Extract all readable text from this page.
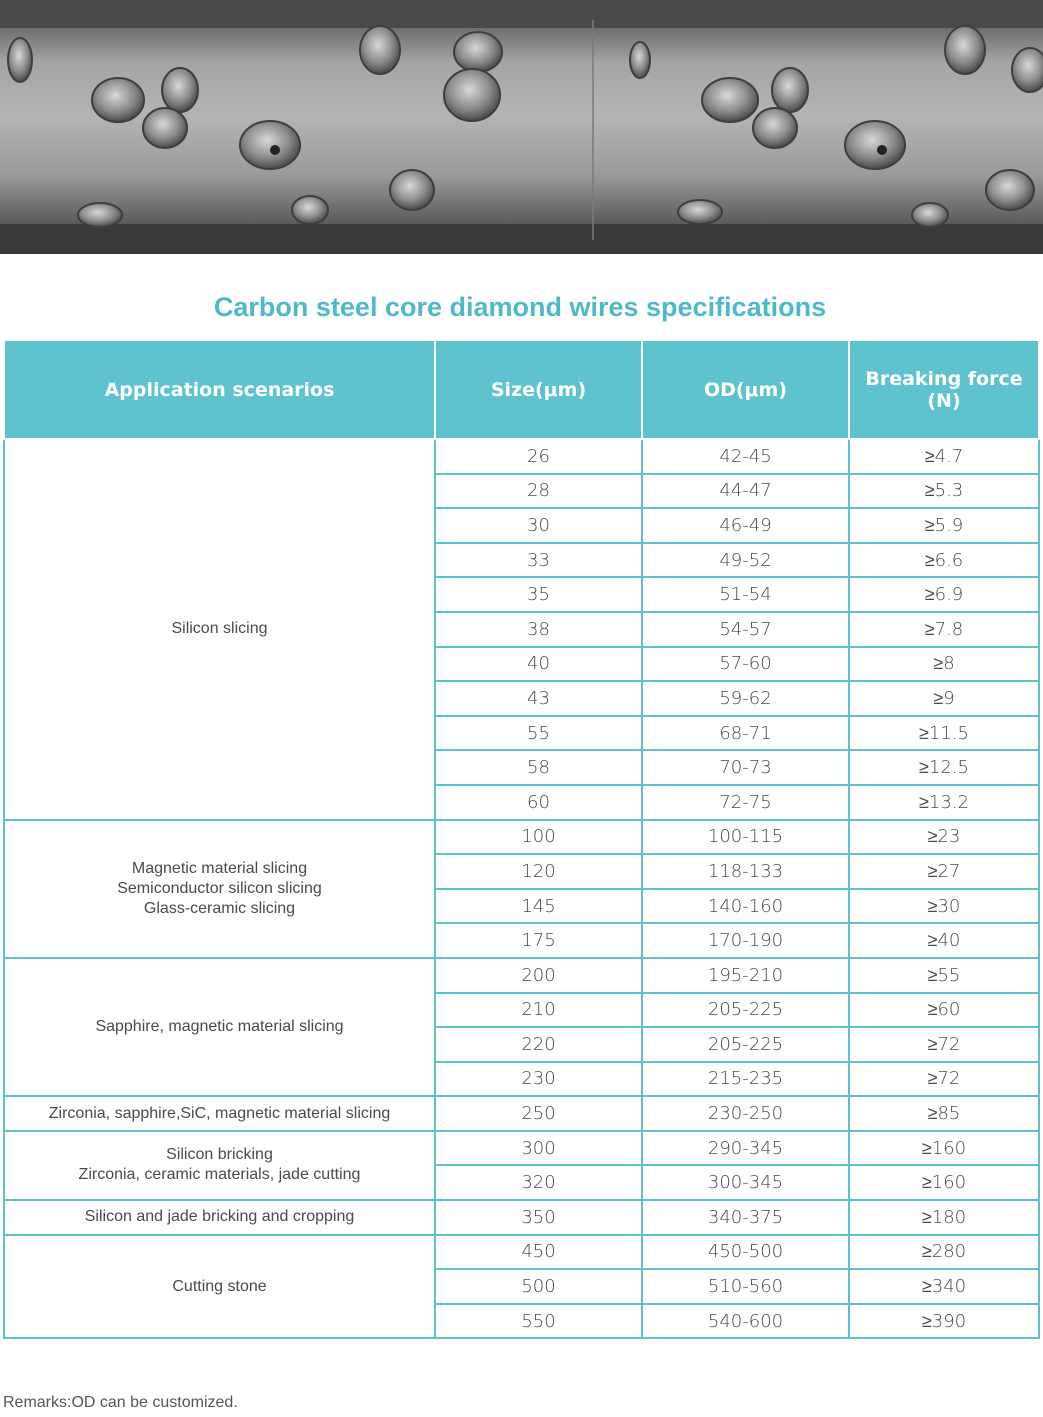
Carbon steel core diamond wires specifications
Application scenarios	Size(μm)	OD(μm)	Breaking force (N)

Silicon slicing	26	42-45	≥4.7
	28	44-47	≥5.3
	30	46-49	≥5.9
	33	49-52	≥6.6
	35	51-54	≥6.9
	38	54-57	≥7.8
	40	57-60	≥8
	43	59-62	≥9
	55	68-71	≥11.5
	58	70-73	≥12.5
	60	72-75	≥13.2

Magnetic material slicing
Semiconductor silicon slicing
Glass-ceramic slicing	100	100-115	≥23
	120	118-133	≥27
	145	140-160	≥30
	175	170-190	≥40

Sapphire, magnetic material slicing	200	195-210	≥55
	210	205-225	≥60
	220	205-225	≥72
	230	215-235	≥72

Zirconia, sapphire,SiC, magnetic material slicing	250	230-250	≥85

Silicon bricking
Zirconia, ceramic materials, jade cutting	300	290-345	≥160
	320	300-345	≥160

Silicon and jade bricking and cropping	350	340-375	≥180

Cutting stone	450	450-500	≥280
	500	510-560	≥340
	550	540-600	≥390

Remarks:OD can be customized.
